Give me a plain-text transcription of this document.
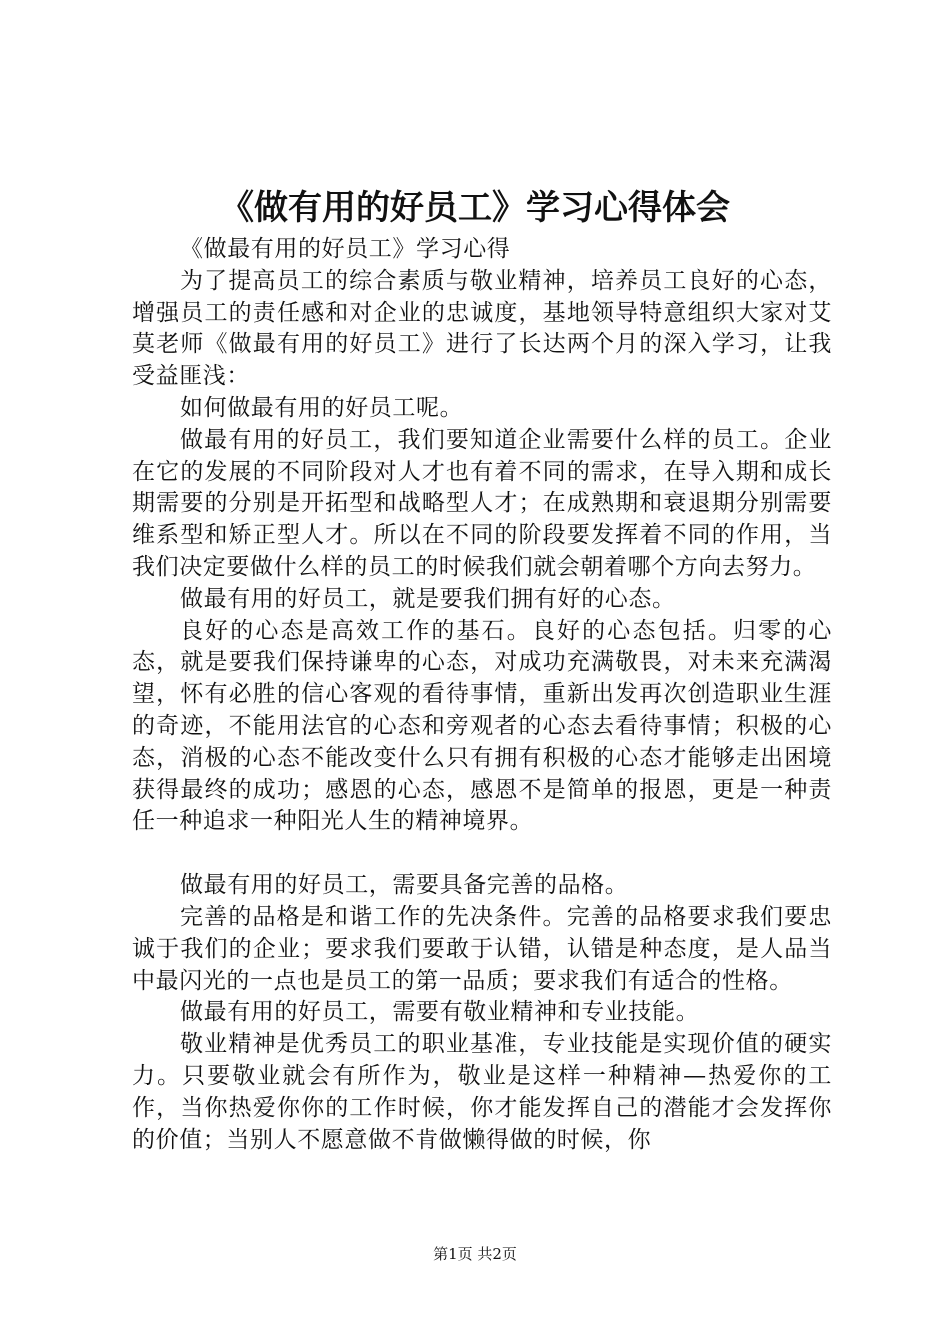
《做有用的好员工》学习心得体会

《做最有用的好员工》学习心得

为了提高员工的综合素质与敬业精神，培养员工良好的心态，增强员工的责任感和对企业的忠诚度，基地领导特意组织大家对艾莫老师《做最有用的好员工》进行了长达两个月的深入学习，让我受益匪浅：

如何做最有用的好员工呢。

做最有用的好员工，我们要知道企业需要什么样的员工。企业在它的发展的不同阶段对人才也有着不同的需求，在导入期和成长期需要的分别是开拓型和战略型人才；在成熟期和衰退期分别需要维系型和矫正型人才。所以在不同的阶段要发挥着不同的作用，当我们决定要做什么样的员工的时候我们就会朝着哪个方向去努力。

做最有用的好员工，就是要我们拥有好的心态。

良好的心态是高效工作的基石。良好的心态包括。归零的心态，就是要我们保持谦卑的心态，对成功充满敬畏，对未来充满渴望，怀有必胜的信心客观的看待事情，重新出发再次创造职业生涯的奇迹，不能用法官的心态和旁观者的心态去看待事情；积极的心态，消极的心态不能改变什么只有拥有积极的心态才能够走出困境获得最终的成功；感恩的心态，感恩不是简单的报恩，更是一种责任一种追求一种阳光人生的精神境界。

做最有用的好员工，需要具备完善的品格。

完善的品格是和谐工作的先决条件。完善的品格要求我们要忠诚于我们的企业；要求我们要敢于认错，认错是种态度，是人品当中最闪光的一点也是员工的第一品质；要求我们有适合的性格。

做最有用的好员工，需要有敬业精神和专业技能。

敬业精神是优秀员工的职业基准，专业技能是实现价值的硬实力。只要敬业就会有所作为，敬业是这样一种精神—热爱你的工作，当你热爱你你的工作时候，你才能发挥自己的潜能才会发挥你的价值；当别人不愿意做不肯做懒得做的时候，你

第1页 共2页
